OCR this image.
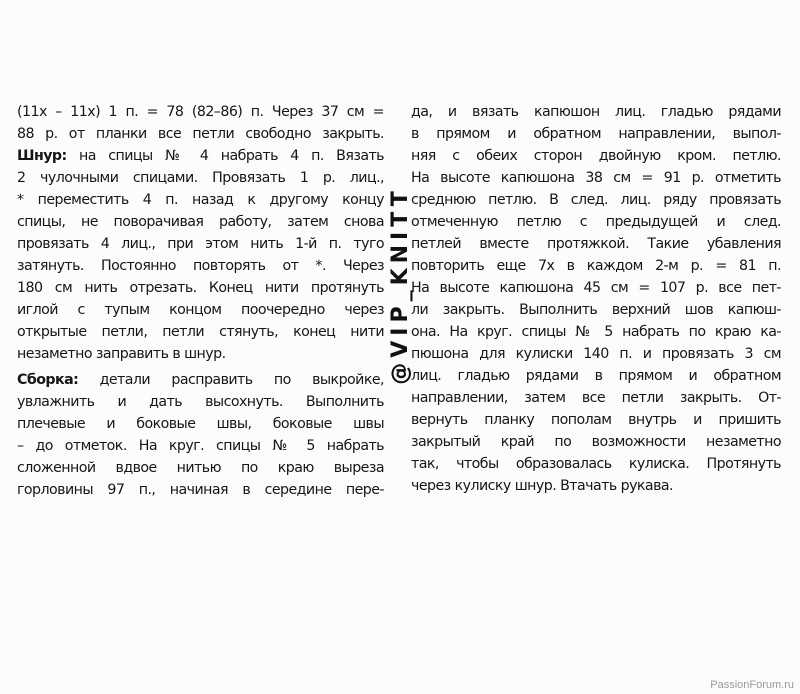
(11х – 11х) 1 п. = 78 (82–86) п. Через 37 см =
88 р. от планки все петли свободно закрыть.
Шнур: на спицы № 4 набрать 4 п. Вязать
2 чулочными спицами. Провязать 1 р. лиц.,
* переместить 4 п. назад к другому концу
спицы, не поворачивая работу, затем снова
провязать 4 лиц., при этом нить 1-й п. туго
затянуть. Постоянно повторять от *. Через
180 см нить отрезать. Конец нити протянуть
иглой с тупым концом поочередно через
открытые петли, петли стянуть, конец нити
незаметно заправить в шнур.
Сборка: детали расправить по выкройке,
увлажнить и дать высохнуть. Выполнить
плечевые и боковые швы, боковые швы
– до отметок. На круг. спицы № 5 набрать
сложенной вдвое нитью по краю выреза
горловины 97 п., начиная в середине пере-
@VIP_KNITT
да, и вязать капюшон лиц. гладью рядами
в прямом и обратном направлении, выпол-
няя с обеих сторон двойную кром. петлю.
На высоте капюшона 38 см = 91 р. отметить
среднюю петлю. В след. лиц. ряду провязать
отмеченную петлю с предыдущей и след.
петлей вместе протяжкой. Такие убавления
повторить еще 7х в каждом 2-м р. = 81 п.
На высоте капюшона 45 см = 107 р. все пет-
ли закрыть. Выполнить верхний шов капюш-
она. На круг. спицы № 5 набрать по краю ка-
пюшона для кулиски 140 п. и провязать 3 см
лиц. гладью рядами в прямом и обратном
направлении, затем все петли закрыть. От-
вернуть планку пополам внутрь и пришить
закрытый край по возможности незаметно
так, чтобы образовалась кулиска. Протянуть
через кулиску шнур. Втачать рукава.
PassionForum.ru
